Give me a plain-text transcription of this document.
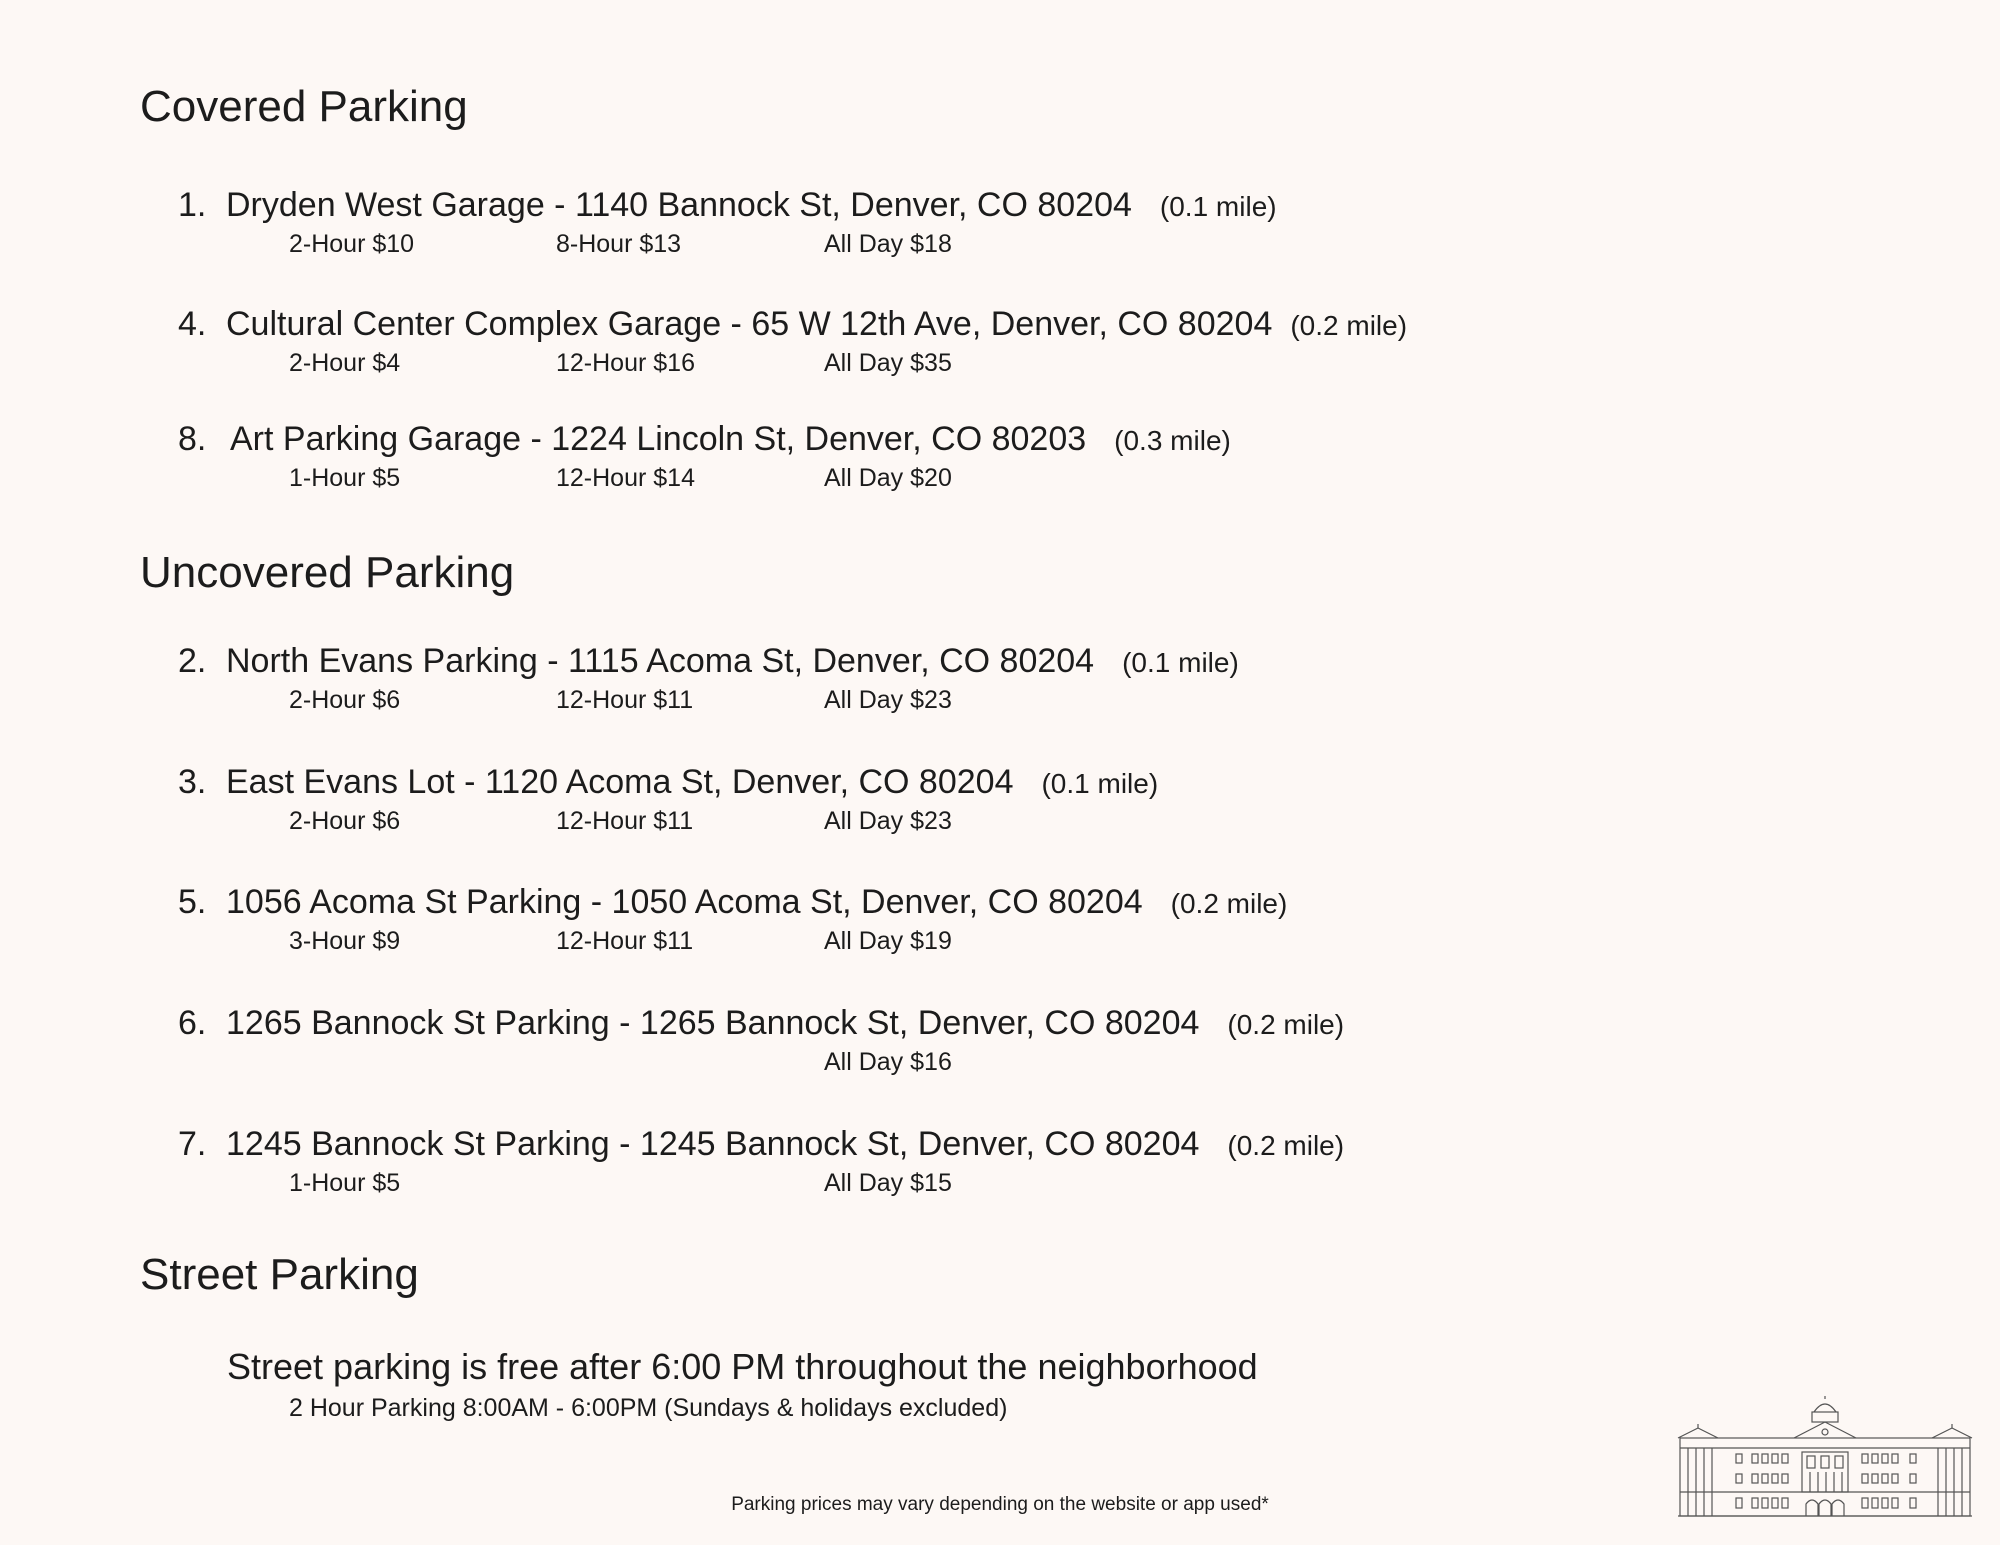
Covered Parking
1. Dryden West Garage - 1140 Bannock St, Denver, CO 80204 (0.1 mile)
2-Hour $10	8-Hour $13	All Day $18
4. Cultural Center Complex Garage - 65 W 12th Ave, Denver, CO 80204 (0.2 mile)
2-Hour $4	12-Hour $16	All Day $35
8. Art Parking Garage - 1224 Lincoln St, Denver, CO 80203 (0.3 mile)
1-Hour $5	12-Hour $14	All Day $20
Uncovered Parking
2. North Evans Parking - 1115 Acoma St, Denver, CO 80204 (0.1 mile)
2-Hour $6	12-Hour $11	All Day $23
3. East Evans Lot - 1120 Acoma St, Denver, CO 80204 (0.1 mile)
2-Hour $6	12-Hour $11	All Day $23
5. 1056 Acoma St Parking - 1050 Acoma St, Denver, CO 80204 (0.2 mile)
3-Hour $9	12-Hour $11	All Day $19
6. 1265 Bannock St Parking - 1265 Bannock St, Denver, CO 80204 (0.2 mile)
All Day $16
7. 1245 Bannock St Parking - 1245 Bannock St, Denver, CO 80204 (0.2 mile)
1-Hour $5	All Day $15
Street Parking
Street parking is free after 6:00 PM throughout the neighborhood
2 Hour Parking 8:00AM - 6:00PM (Sundays & holidays excluded)
Parking prices may vary depending on the website or app used*
